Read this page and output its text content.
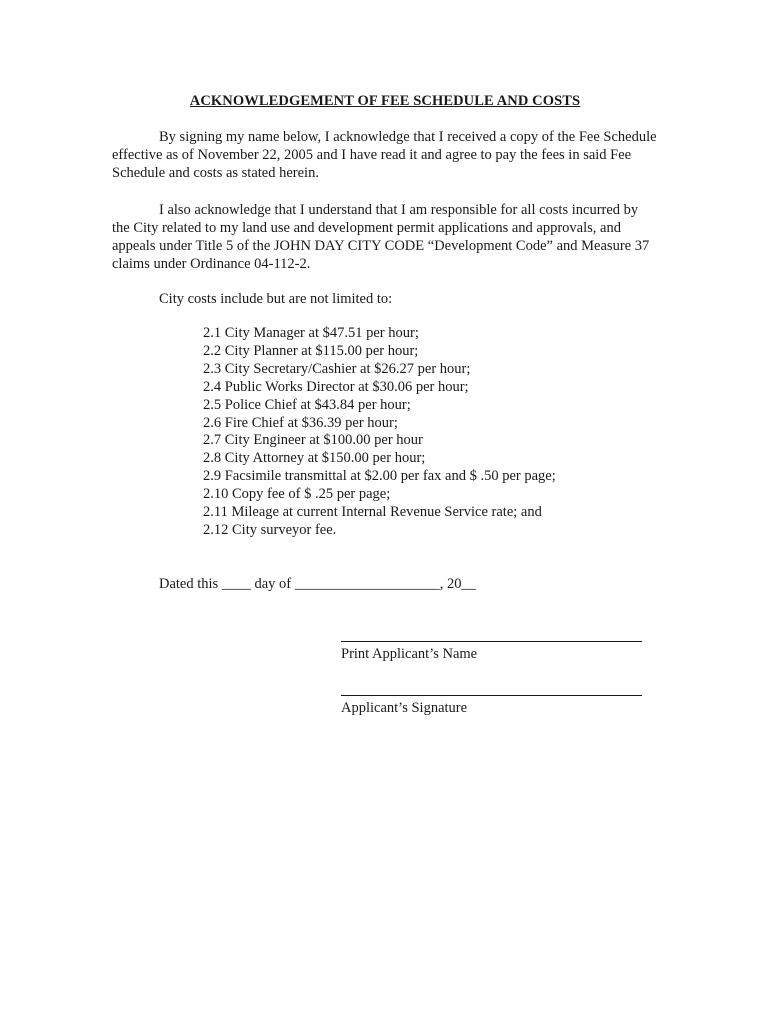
ACKNOWLEDGEMENT OF FEE SCHEDULE AND COSTS
By signing my name below, I acknowledge that I received a copy of the Fee Schedule effective as of November 22, 2005 and I have read it and agree to pay the fees in said Fee Schedule and costs as stated herein.
I also acknowledge that I understand that I am responsible for all costs incurred by the City related to my land use and development permit applications and approvals, and appeals under Title 5 of the JOHN DAY CITY CODE “Development Code” and Measure 37 claims under Ordinance 04-112-2.
City costs include but are not limited to:
2.1 City Manager at $47.51 per hour;
2.2 City Planner at $115.00 per hour;
2.3 City Secretary/Cashier at $26.27 per hour;
2.4 Public Works Director at $30.06 per hour;
2.5 Police Chief at $43.84 per hour;
2.6 Fire Chief at $36.39 per hour;
2.7 City Engineer at $100.00 per hour
2.8 City Attorney at $150.00 per hour;
2.9 Facsimile transmittal at $2.00 per fax and $ .50 per page;
2.10 Copy fee of $ .25 per page;
2.11 Mileage at current Internal Revenue Service rate; and
2.12 City surveyor fee.
Dated this ____ day of ____________________, 20__
Print Applicant’s Name
Applicant’s Signature
